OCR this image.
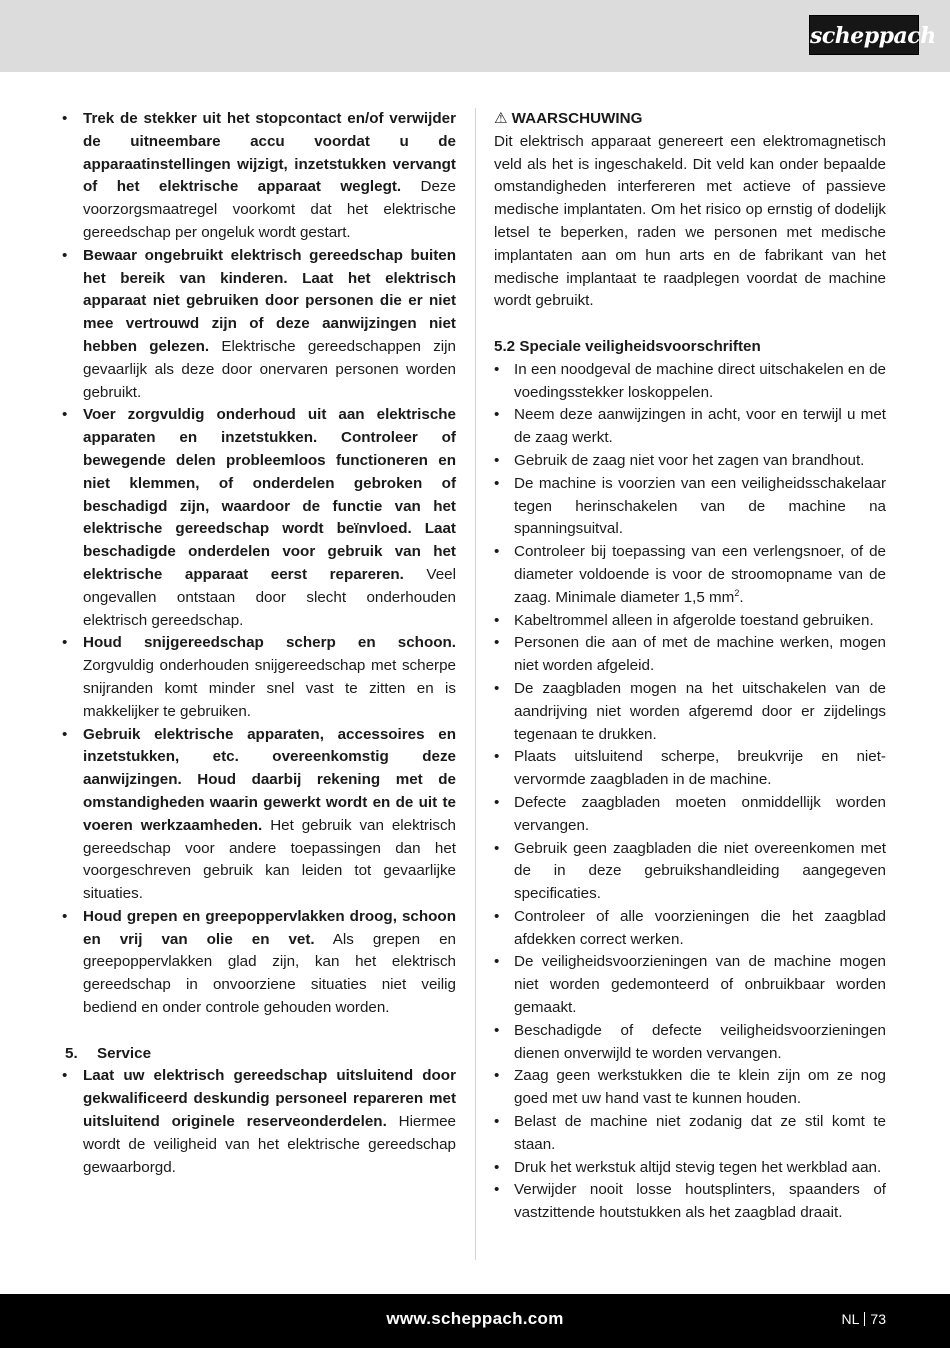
scheppach
• Trek de stekker uit het stopcontact en/of verwijder de uitneembare accu voordat u de apparaatinstellingen wijzigt, inzetstukken vervangt of het elektrische apparaat weglegt. Deze voorzorgsmaatregel voorkomt dat het elektrische gereedschap per ongeluk wordt gestart.
• Bewaar ongebruikt elektrisch gereedschap buiten het bereik van kinderen. Laat het elektrisch apparaat niet gebruiken door personen die er niet mee vertrouwd zijn of deze aanwijzingen niet hebben gelezen. Elektrische gereedschappen zijn gevaarlijk als deze door onervaren personen worden gebruikt.
• Voer zorgvuldig onderhoud uit aan elektrische apparaten en inzetstukken. Controleer of bewegende delen probleemloos functioneren en niet klemmen, of onderdelen gebroken of beschadigd zijn, waardoor de functie van het elektrische gereedschap wordt beïnvloed. Laat beschadigde onderdelen voor gebruik van het elektrische apparaat eerst repareren. Veel ongevallen ontstaan door slecht onderhouden elektrisch gereedschap.
• Houd snijgereedschap scherp en schoon. Zorgvuldig onderhouden snijgereedschap met scherpe snijranden komt minder snel vast te zitten en is makkelijker te gebruiken.
• Gebruik elektrische apparaten, accessoires en inzetstukken, etc. overeenkomstig deze aanwijzingen. Houd daarbij rekening met de omstandigheden waarin gewerkt wordt en de uit te voeren werkzaamheden. Het gebruik van elektrisch gereedschap voor andere toepassingen dan het voorgeschreven gebruik kan leiden tot gevaarlijke situaties.
• Houd grepen en greepoppervlakken droog, schoon en vrij van olie en vet. Als grepen en greepoppervlakken glad zijn, kan het elektrisch gereedschap in onvoorziene situaties niet veilig bediend en onder controle gehouden worden.

5. Service

• Laat uw elektrisch gereedschap uitsluitend door gekwalificeerd deskundig personeel repareren met uitsluitend originele reserveonderdelen. Hiermee wordt de veiligheid van het elektrische gereedschap gewaarborgd.

⚠ WAARSCHUWING

Dit elektrisch apparaat genereert een elektromagnetisch veld als het is ingeschakeld. Dit veld kan onder bepaalde omstandigheden interfereren met actieve of passieve medische implantaten. Om het risico op ernstig of dodelijk letsel te beperken, raden we personen met medische implantaten aan om hun arts en de fabrikant van het medische implantaat te raadplegen voordat de machine wordt gebruikt.

5.2 Speciale veiligheidsvoorschriften

• In een noodgeval de machine direct uitschakelen en de voedingsstekker loskoppelen.
• Neem deze aanwijzingen in acht, voor en terwijl u met de zaag werkt.
• Gebruik de zaag niet voor het zagen van brandhout.
• De machine is voorzien van een veiligheidsschakelaar tegen herinschakelen van de machine na spanningsuitval.
• Controleer bij toepassing van een verlengsnoer, of de diameter voldoende is voor de stroomopname van de zaag. Minimale diameter 1,5 $mm^2$.
• Kabeltrommel alleen in afgerolde toestand gebruiken.
• Personen die aan of met de machine werken, mogen niet worden afgeleid.
• De zaagbladen mogen na het uitschakelen van de aandrijving niet worden afgeremd door er zijdelings tegenaan te drukken.
• Plaats uitsluitend scherpe, breukvrije en niet-vervormde zaagbladen in de machine.
• Defecte zaagbladen moeten onmiddellijk worden vervangen.
• Gebruik geen zaagbladen die niet overeenkomen met de in deze gebruikshandleiding aangegeven specificaties.
• Controleer of alle voorzieningen die het zaagblad afdekken correct werken.
• De veiligheidsvoorzieningen van de machine mogen niet worden gedemonteerd of onbruikbaar worden gemaakt.
• Beschadigde of defecte veiligheidsvoorzieningen dienen onverwijld te worden vervangen.
• Zaag geen werkstukken die te klein zijn om ze nog goed met uw hand vast te kunnen houden.
• Belast de machine niet zodanig dat ze stil komt te staan.
• Druk het werkstuk altijd stevig tegen het werkblad aan.
• Verwijder nooit losse houtsplinters, spaanders of vastzittende houtstukken als het zaagblad draait.
www.scheppach.com	NL 73
